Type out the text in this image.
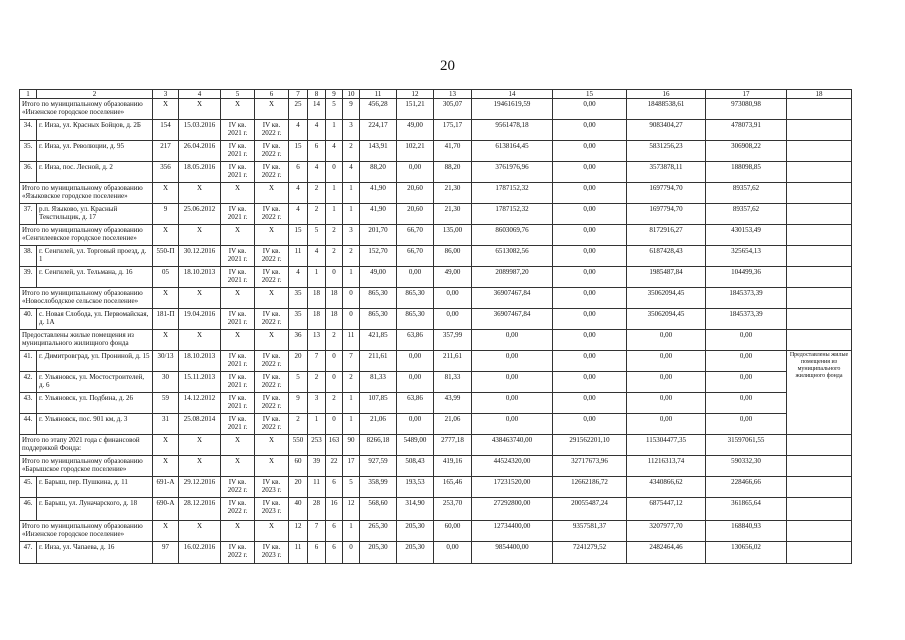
20
1	2	3	4	5	6	7	8	9	10	11	12	13	14	15	16	17	18
Итого по муниципальному образованию «Инзенское городское поселение»		X	X	X	X	25	14	5	9	456,28	151,21	305,07	19461619,59	0,00	18488538,61	973080,98	
34.	г. Инза, ул. Красных Бойцов, д. 2Б	154	15.03.2016	IV кв. 2021 г.	IV кв. 2022 г.	4	4	1	3	224,17	49,00	175,17	9561478,18	0,00	9083404,27	478073,91	
35.	г. Инза, ул. Революции, д. 95	217	26.04.2016	IV кв. 2021 г.	IV кв. 2022 г.	15	6	4	2	143,91	102,21	41,70	6138164,45	0,00	5831256,23	306908,22	
36.	г. Инза, пос. Лесной, д. 2	356	18.05.2016	IV кв. 2021 г.	IV кв. 2022 г.	6	4	0	4	88,20	0,00	88,20	3761976,96	0,00	3573878,11	188098,85	
Итого по муниципальному образованию «Языковское городское поселение»		X	X	X	X	4	2	1	1	41,90	20,60	21,30	1787152,32	0,00	1697794,70	89357,62	
37.	р.п. Языково, ул. Красный Текстильщик, д. 17	9	25.06.2012	IV кв. 2021 г.	IV кв. 2022 г.	4	2	1	1	41,90	20,60	21,30	1787152,32	0,00	1697794,70	89357,62	
Итого по муниципальному образованию «Сенгилеевское городское поселение»		X	X	X	X	15	5	2	3	201,70	66,70	135,00	8603069,76	0,00	8172916,27	430153,49	
38.	г. Сенгилей, ул. Торговый проезд, д. 1	550-П	30.12.2016	IV кв. 2021 г.	IV кв. 2022 г.	11	4	2	2	152,70	66,70	86,00	6513082,56	0,00	6187428,43	325654,13	
39.	г. Сенгилей, ул. Тельмана, д. 16	05	18.10.2013	IV кв. 2021 г.	IV кв. 2022 г.	4	1	0	1	49,00	0,00	49,00	2089987,20	0,00	1985487,84	104499,36	
Итого по муниципальному образованию «Новослободское сельское поселение»		X	X	X	X	35	18	18	0	865,30	865,30	0,00	36907467,84	0,00	35062094,45	1845373,39	
40.	с. Новая Слобода, ул. Первомайская, д. 1А	181-П	19.04.2016	IV кв. 2021 г.	IV кв. 2022 г.	35	18	18	0	865,30	865,30	0,00	36907467,84	0,00	35062094,45	1845373,39	
Предоставлены жилые помещения из муниципального жилищного фонда		X	X	X	X	36	13	2	11	421,85	63,86	357,99	0,00	0,00	0,00	0,00	
41.	г. Димитровград, ул. Прониной, д. 15	30/13	18.10.2013	IV кв. 2021 г.	IV кв. 2022 г.	20	7	0	7	211,61	0,00	211,61	0,00	0,00	0,00	0,00	Предоставлены жилые помещения из муниципального жилищного фонда
42.	г. Ульяновск, ул. Мостостроителей, д. 6	30	15.11.2013	IV кв. 2021 г.	IV кв. 2022 г.	5	2	0	2	81,33	0,00	81,33	0,00	0,00	0,00	0,00	
43.	г. Ульяновск, ул. Подбина, д. 26	59	14.12.2012	IV кв. 2021 г.	IV кв. 2022 г.	9	3	2	1	107,85	63,86	43,99	0,00	0,00	0,00	0,00	
44.	г. Ульяновск, пос. 901 км, д. 3	31	25.08.2014	IV кв. 2021 г.	IV кв. 2022 г.	2	1	0	1	21,06	0,00	21,06	0,00	0,00	0,00	0,00	
Итого по этапу 2021 года с финансовой поддержкой Фонда:		X	X	X	X	550	253	163	90	8266,18	5489,00	2777,18	438463740,00	291562201,10	115304477,35	31597061,55	
Итого по муниципальному образованию «Барышское городское поселение»		X	X	X	X	60	39	22	17	927,59	508,43	419,16	44524320,00	32717673,96	11216313,74	590332,30	
45.	г. Барыш, пер. Пушкина, д. 11	691-А	29.12.2016	IV кв. 2022 г.	IV кв. 2023 г.	20	11	6	5	358,99	193,53	165,46	17231520,00	12662186,72	4340866,62	228466,66	
46.	г. Барыш, ул. Луначарского, д. 18	690-А	28.12.2016	IV кв. 2022 г.	IV кв. 2023 г.	40	28	16	12	568,60	314,90	253,70	27292800,00	20055487,24	6875447,12	361865,64	
Итого по муниципальному образованию «Инзенское городское поселение»		X	X	X	X	12	7	6	1	265,30	205,30	60,00	12734400,00	9357581,37	3207977,70	168840,93	
47.	г. Инза, ул. Чапаева, д. 16	97	16.02.2016	IV кв. 2022 г.	IV кв. 2023 г.	11	6	6	0	205,30	205,30	0,00	9854400,00	7241279,52	2482464,46	130656,02	
